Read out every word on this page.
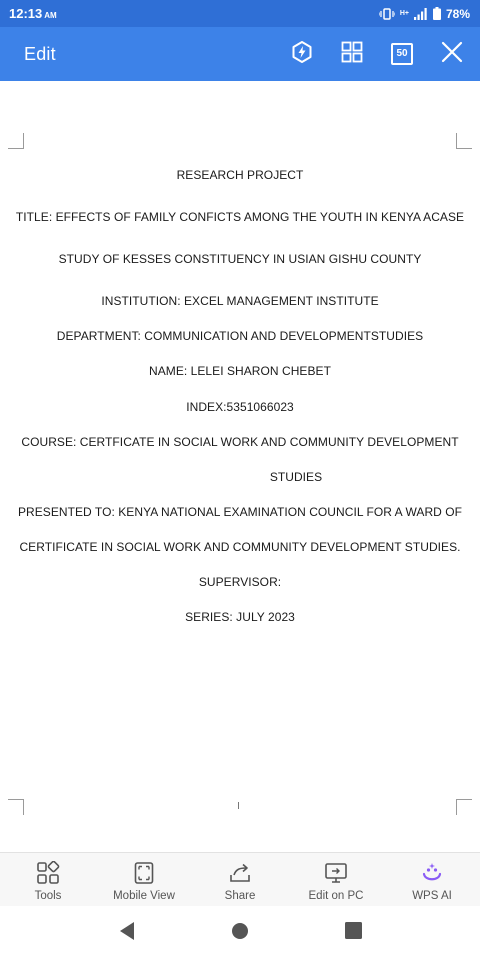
12:13 AM	H+	78%
Edit	50
RESEARCH PROJECT
TITLE: EFFECTS OF FAMILY CONFICTS AMONG THE YOUTH IN KENYA ACASE
STUDY OF KESSES CONSTITUENCY IN USIAN GISHU COUNTY
INSTITUTION: EXCEL MANAGEMENT INSTITUTE
DEPARTMENT: COMMUNICATION AND DEVELOPMENTSTUDIES
NAME: LELEI SHARON CHEBET
INDEX:5351066023
COURSE: CERTFICATE IN SOCIAL WORK AND COMMUNITY DEVELOPMENT
STUDIES
PRESENTED TO: KENYA NATIONAL EXAMINATION COUNCIL FOR A WARD OF
CERTIFICATE IN SOCIAL WORK AND COMMUNITY DEVELOPMENT STUDIES.
SUPERVISOR:
SERIES: JULY 2023
Tools	Mobile View	Share	Edit on PC	WPS AI
